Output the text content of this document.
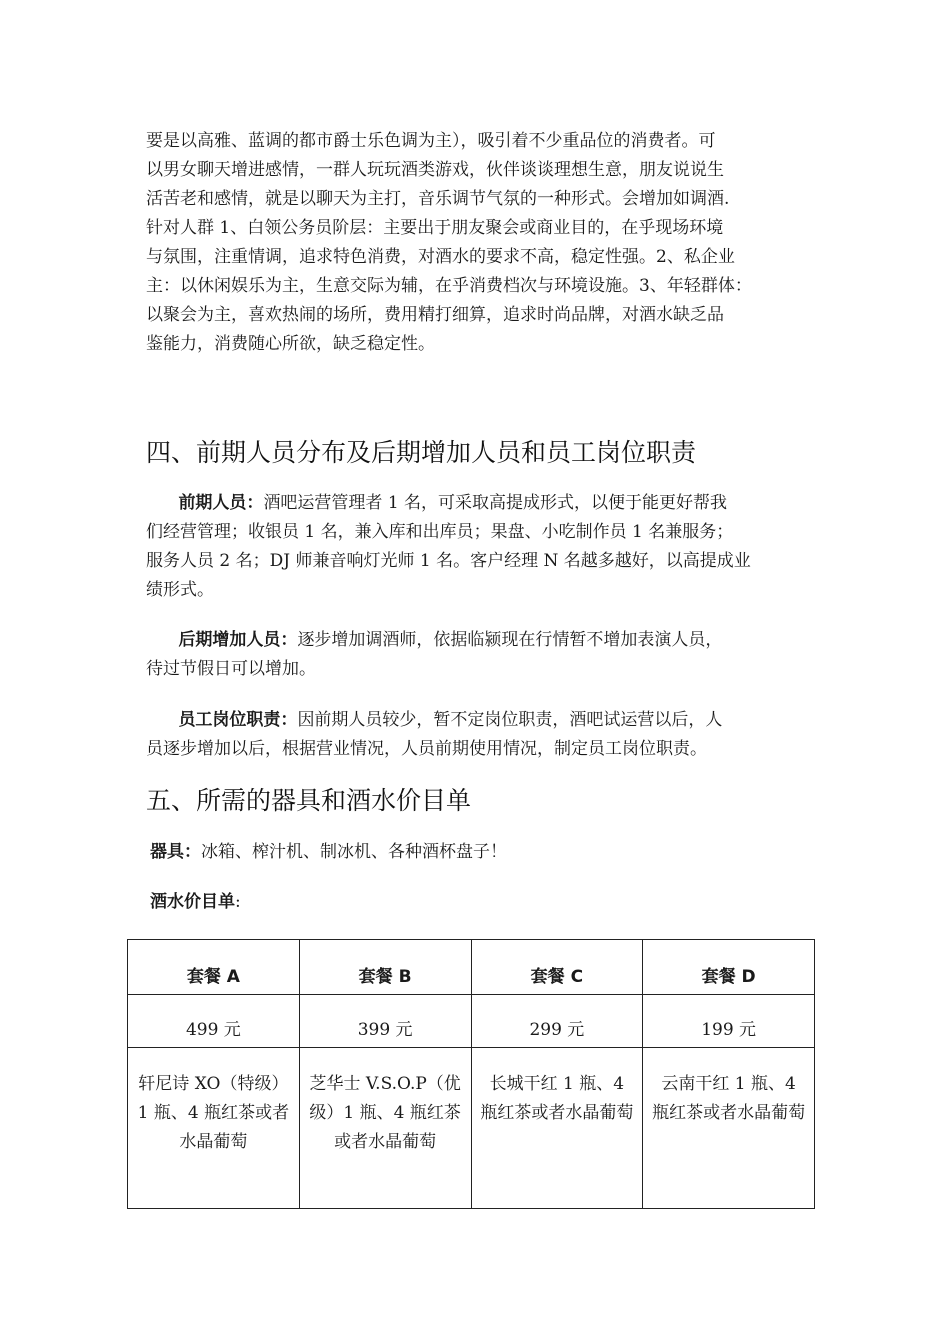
要是以高雅、蓝调的都市爵士乐色调为主），吸引着不少重品位的消费者。可
以男女聊天增进感情，一群人玩玩酒类游戏，伙伴谈谈理想生意，朋友说说生
活苦老和感情，就是以聊天为主打，音乐调节气氛的一种形式。会增加如调酒.
针对人群 1、白领公务员阶层：主要出于朋友聚会或商业目的，在乎现场环境
与氛围，注重情调，追求特色消费，对酒水的要求不高，稳定性强。2、私企业
主：以休闲娱乐为主，生意交际为辅，在乎消费档次与环境设施。3、年轻群体：
以聚会为主，喜欢热闹的场所，费用精打细算，追求时尚品牌，对酒水缺乏品
鉴能力，消费随心所欲，缺乏稳定性。

四、前期人员分布及后期增加人员和员工岗位职责

前期人员：酒吧运营管理者 1 名，可采取高提成形式，以便于能更好帮我
们经营管理；收银员 1 名，兼入库和出库员；果盘、小吃制作员 1 名兼服务；
服务人员 2 名；DJ 师兼音响灯光师 1 名。客户经理 N 名越多越好，以高提成业
绩形式。

后期增加人员：逐步增加调酒师，依据临颍现在行情暂不增加表演人员，
待过节假日可以增加。

员工岗位职责：因前期人员较少，暂不定岗位职责，酒吧试运营以后，人
员逐步增加以后，根据营业情况，人员前期使用情况，制定员工岗位职责。

五、所需的器具和酒水价目单

器具：冰箱、榨汁机、制冰机、各种酒杯盘子！

酒水价目单:

套餐 A	套餐 B	套餐 C	套餐 D
499 元	399 元	299 元	199 元
轩尼诗 XO（特级） 1 瓶、4 瓶红茶或者水晶葡萄	芝华士 V.S.O.P（优级）1 瓶、4 瓶红茶或者水晶葡萄	长城干红 1 瓶、4 瓶红茶或者水晶葡萄	云南干红 1 瓶、4 瓶红茶或者水晶葡萄
